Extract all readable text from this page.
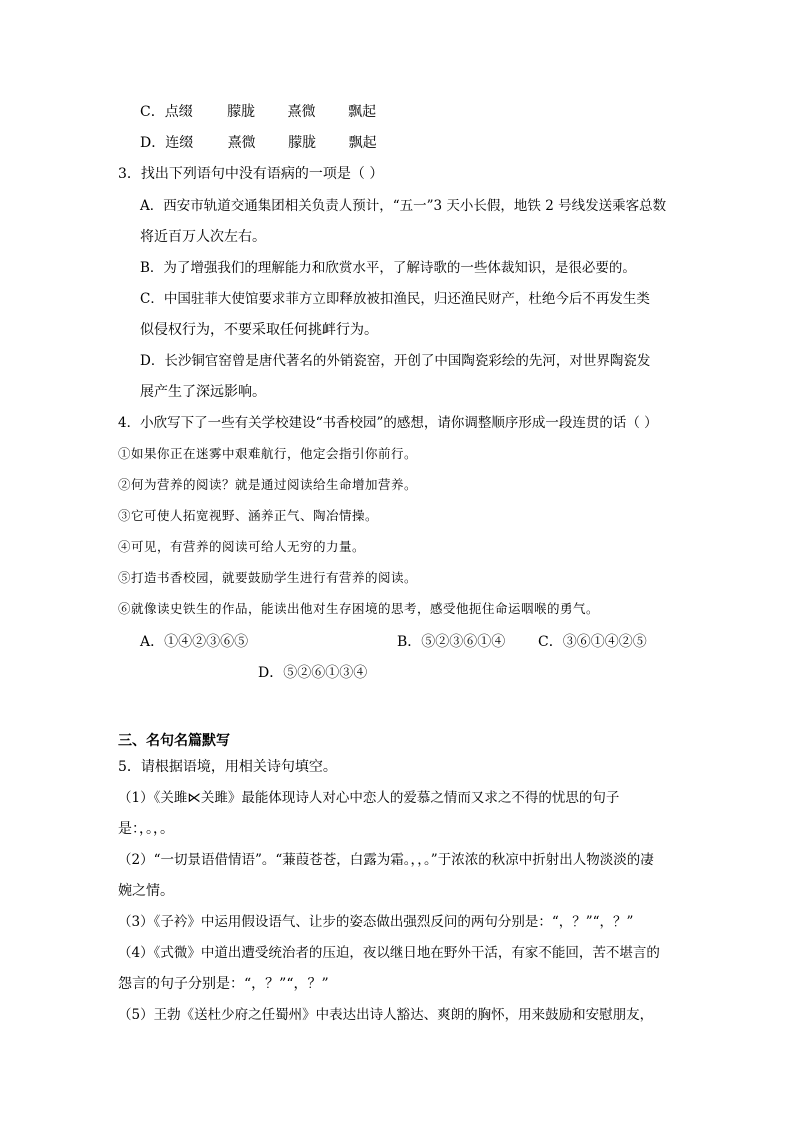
C．点缀 朦胧 熹微 飘起
D．连缀 熹微 朦胧 飘起
3．找出下列语句中没有语病的一项是（ ）
A．西安市轨道交通集团相关负责人预计，“五一”3 天小长假，地铁 2 号线发送乘客总数
将近百万人次左右。
B．为了增强我们的理解能力和欣赏水平，了解诗歌的一些体裁知识，是很必要的。
C．中国驻菲大使馆要求菲方立即释放被扣渔民，归还渔民财产，杜绝今后不再发生类
似侵权行为，不要采取任何挑衅行为。
D．长沙铜官窑曾是唐代著名的外销瓷窑，开创了中国陶瓷彩绘的先河，对世界陶瓷发
展产生了深远影响。
4．小欣写下了一些有关学校建设“书香校园”的感想，请你调整顺序形成一段连贯的话（ ）
①如果你正在迷雾中艰难航行，他定会指引你前行。
②何为营养的阅读？就是通过阅读给生命增加营养。
③它可使人拓宽视野、涵养正气、陶冶情操。
④可见，有营养的阅读可给人无穷的力量。
⑤打造书香校园，就要鼓励学生进行有营养的阅读。
⑥就像读史铁生的作品，能读出他对生存困境的思考，感受他扼住命运咽喉的勇气。
A．①④②③⑥⑤	B．⑤②③⑥①④ C．③⑥①④②⑤
D．⑤②⑥①③④
三、名句名篇默写
5．请根据语境，用相关诗句填空。
（1）《关雎⋉关雎》最能体现诗人对心中恋人的爱慕之情而又求之不得的忧思的句子
是：，。，。
（2）“一切景语借情语”。“蒹葭苍苍，白露为霜。，，。”于浓浓的秋凉中折射出人物淡淡的凄
婉之情。
（3）《子衿》中运用假设语气、让步的姿态做出强烈反问的两句分别是：“，？”“，？”
（4）《式微》中道出遭受统治者的压迫，夜以继日地在野外干活，有家不能回，苦不堪言的
怨言的句子分别是：“，？”“，？”
（5）王勃《送杜少府之任蜀州》中表达出诗人豁达、爽朗的胸怀，用来鼓励和安慰朋友，
